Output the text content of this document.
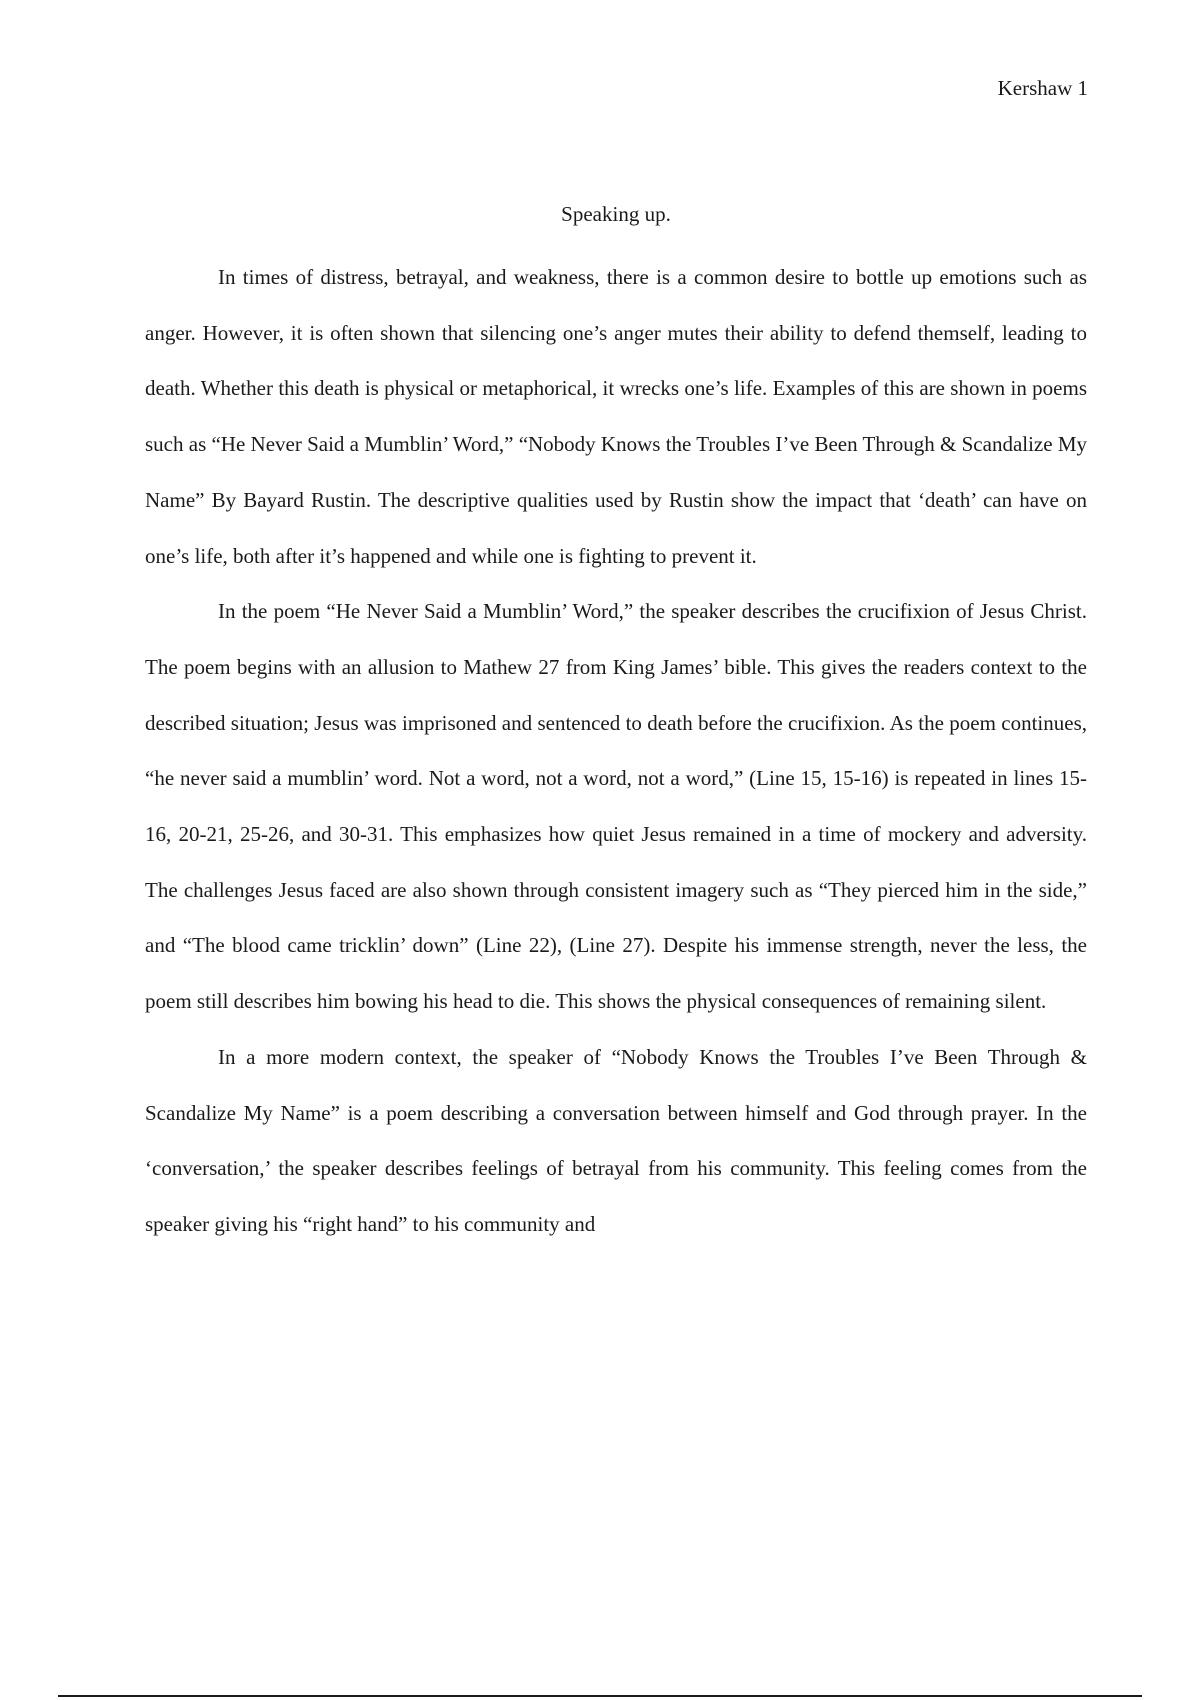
Kershaw 1
Speaking up.

In times of distress, betrayal, and weakness, there is a common desire to bottle up emotions such as anger. However, it is often shown that silencing one’s anger mutes their ability to defend themself, leading to death. Whether this death is physical or metaphorical, it wrecks one’s life. Examples of this are shown in poems such as “He Never Said a Mumblin’ Word,” “Nobody Knows the Troubles I’ve Been Through & Scandalize My Name” By Bayard Rustin. The descriptive qualities used by Rustin show the impact that ‘death’ can have on one’s life, both after it’s happened and while one is fighting to prevent it.

In the poem “He Never Said a Mumblin’ Word,” the speaker describes the crucifixion of Jesus Christ. The poem begins with an allusion to Mathew 27 from King James’ bible. This gives the readers context to the described situation; Jesus was imprisoned and sentenced to death before the crucifixion. As the poem continues, “he never said a mumblin’ word. Not a word, not a word, not a word,” (Line 15, 15-16) is repeated in lines 15-16, 20-21, 25-26, and 30-31. This emphasizes how quiet Jesus remained in a time of mockery and adversity. The challenges Jesus faced are also shown through consistent imagery such as “They pierced him in the side,” and “The blood came tricklin’ down” (Line 22), (Line 27). Despite his immense strength, never the less, the poem still describes him bowing his head to die. This shows the physical consequences of remaining silent.

In a more modern context, the speaker of “Nobody Knows the Troubles I’ve Been Through & Scandalize My Name” is a poem describing a conversation between himself and God through prayer. In the ‘conversation,’ the speaker describes feelings of betrayal from his community. This feeling comes from the speaker giving his “right hand” to his community and
